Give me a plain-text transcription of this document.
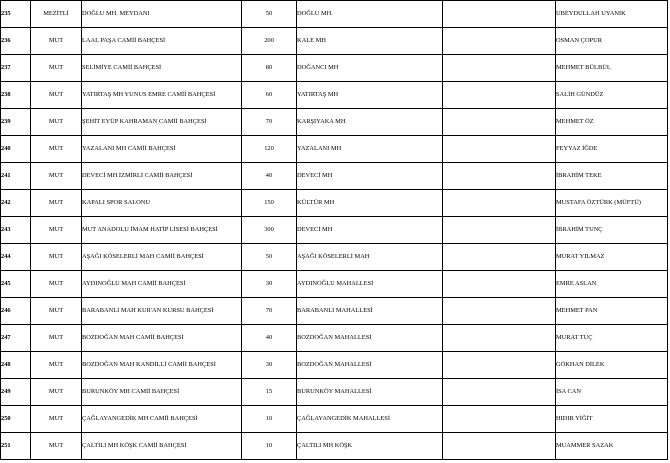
235	MEZİTLİ	DOĞLU MH. MEYDANI	50	DOĞLU MH.		UBEYDULLAH UYANIK
236	MUT	LAAL PAŞA CAMİİ BAHÇESİ	200	KALE MH		OSMAN ÇOPUR
237	MUT	SELİMİYE CAMİİ BAHÇESİ	80	DOĞANCI MH		MEHMET BÜLBÜL
238	MUT	YATIRTAŞ MH YUNUS EMRE CAMİİ BAHÇESİ	60	YATIRTAŞ MH		SALİH GÜNDÜZ
239	MUT	ŞEHİT EYÜP KAHRAMAN CAMİİ BAHÇESİ	70	KARŞIYAKA MH		MEHMET ÖZ
240	MUT	YAZALANI MH CAMİİ BAHÇESİ	120	YAZALANI MH		FEYYAZ İĞDE
241	MUT	DEVECİ MH İZMİRLİ CAMİİ BAHÇESİ	40	DEVECİ MH		İBRAHİM TEKE
242	MUT	KAPALI SPOR SALONU	150	KÜLTÜR MH		MUSTAFA ÖZTÜRK (MÜFTÜ)
243	MUT	MUT ANADOLU İMAM HATİP LİSESİ BAHÇESİ	300	DEVECİ MH		İBRAHİM TUNÇ
244	MUT	AŞAĞI KÖSELERLİ MAH CAMİİ BAHÇESİ	50	AŞAĞI KÖSELERLİ MAH		MURAT YILMAZ
245	MUT	AYDINOĞLU MAH CAMİİ BAHÇESİ	30	AYDINOĞLU MAHALLESİ		EMRE ASLAN
246	MUT	BARABANLI MAH KUR'AN KURSU BAHÇESİ	70	BARABANLI MAHALLESİ		MEHMET PAN
247	MUT	BOZDOĞAN MAH CAMİİ BAHÇESİ	40	BOZDOĞAN MAHALLESİ		MURAT TUÇ
248	MUT	BOZDOĞAN MAH KANDİLLİ CAMİİ BAHÇESİ	30	BOZDOĞAN MAHALLESİ		GÖKHAN DİLEK
249	MUT	BURUNKÖY MH CAMİİ BAHÇESİ	15	BURUNKÖY MAHALLESİ		İSA CAN
250	MUT	ÇAĞLAYANGEDİK MH CAMİİ BAHÇESİ	10	ÇAĞLAYANGEDİK MAHALLESİ		HIDIR YİĞİT
251	MUT	ÇALTILI MH KÖŞK CAMİİ BAHÇESİ	10	ÇALTILI MH KÖŞK		MUAMMER SAZAK
